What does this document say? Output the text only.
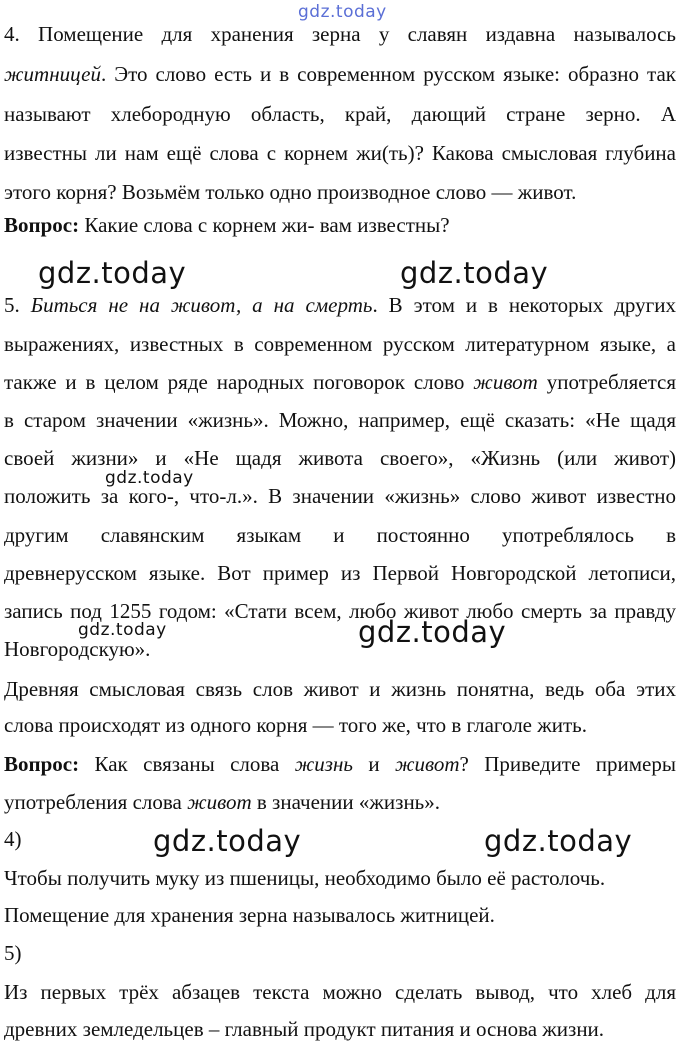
gdz.today
gdz.today	gdz.today
gdz.today
gdz.today	gdz.today
gdz.today	gdz.today
4. Помещение для хранения зерна у славян издавна называлось
житницей. Это слово есть и в современном русском языке: образно так
называют хлебородную область, край, дающий стране зерно. А
известны ли нам ещё слова с корнем жи(ть)? Какова смысловая глубина
этого корня? Возьмём только одно производное слово — живот.
Вопрос: Какие слова с корнем жи- вам известны?
5. Биться не на живот, а на смерть. В этом и в некоторых других
выражениях, известных в современном русском литературном языке, а
также и в целом ряде народных поговорок слово живот употребляется
в старом значении «жизнь». Можно, например, ещё сказать: «Не щадя
своей жизни» и «Не щадя живота своего», «Жизнь (или живот)
положить за кого-, что-л.». В значении «жизнь» слово живот известно
другим славянским языкам и постоянно употреблялось в
древнерусском языке. Вот пример из Первой Новгородской летописи,
запись под 1255 годом: «Стати всем, любо живот любо смерть за правду
Новгородскую».
Древняя смысловая связь слов живот и жизнь понятна, ведь оба этих
слова происходят из одного корня — того же, что в глаголе жить.
Вопрос: Как связаны слова жизнь и живот? Приведите примеры
употребления слова живот в значении «жизнь».
4)
Чтобы получить муку из пшеницы, необходимо было её растолочь.
Помещение для хранения зерна называлось житницей.
5)
Из первых трёх абзацев текста можно сделать вывод, что хлеб для
древних земледельцев – главный продукт питания и основа жизни.
